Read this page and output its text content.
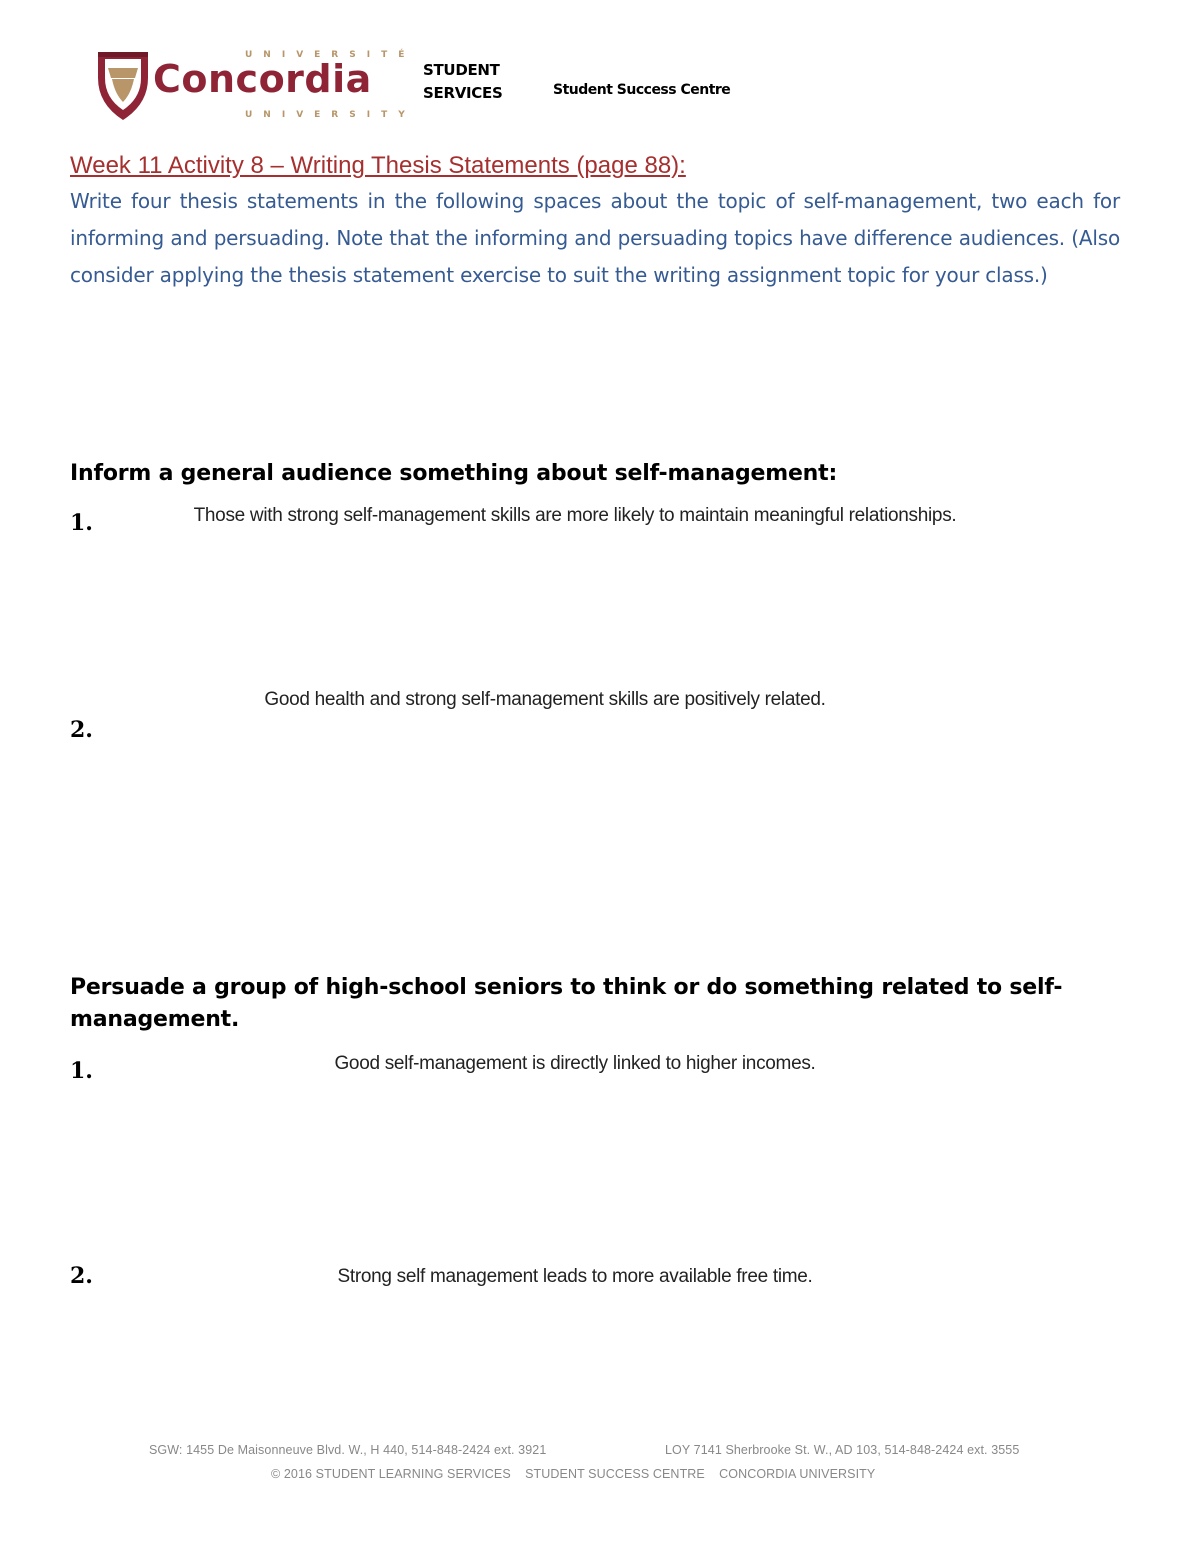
UNIVERSITÉ
Concordia
UNIVERSITY
STUDENT
SERVICES	Student Success Centre
Week 11 Activity 8 – Writing Thesis Statements (page 88):
Write four thesis statements in the following spaces about the topic of self-management, two each for informing and persuading. Note that the informing and persuading topics have difference audiences. (Also consider applying the thesis statement exercise to suit the writing assignment topic for your class.)
Inform a general audience something about self-management:
1.	Those with strong self-management skills are more likely to maintain meaningful relationships.
2.
Good health and strong self-management skills are positively related.
Persuade a group of high-school seniors to think or do something related to self-management.
1.	Good self-management is directly linked to higher incomes.
2.	Strong self management leads to more available free time.
SGW: 1455 De Maisonneuve Blvd. W., H 440, 514-848-2424 ext. 3921	LOY 7141 Sherbrooke St. W., AD 103, 514-848-2424 ext. 3555
© 2016 STUDENT LEARNING SERVICES    STUDENT SUCCESS CENTRE    CONCORDIA UNIVERSITY
